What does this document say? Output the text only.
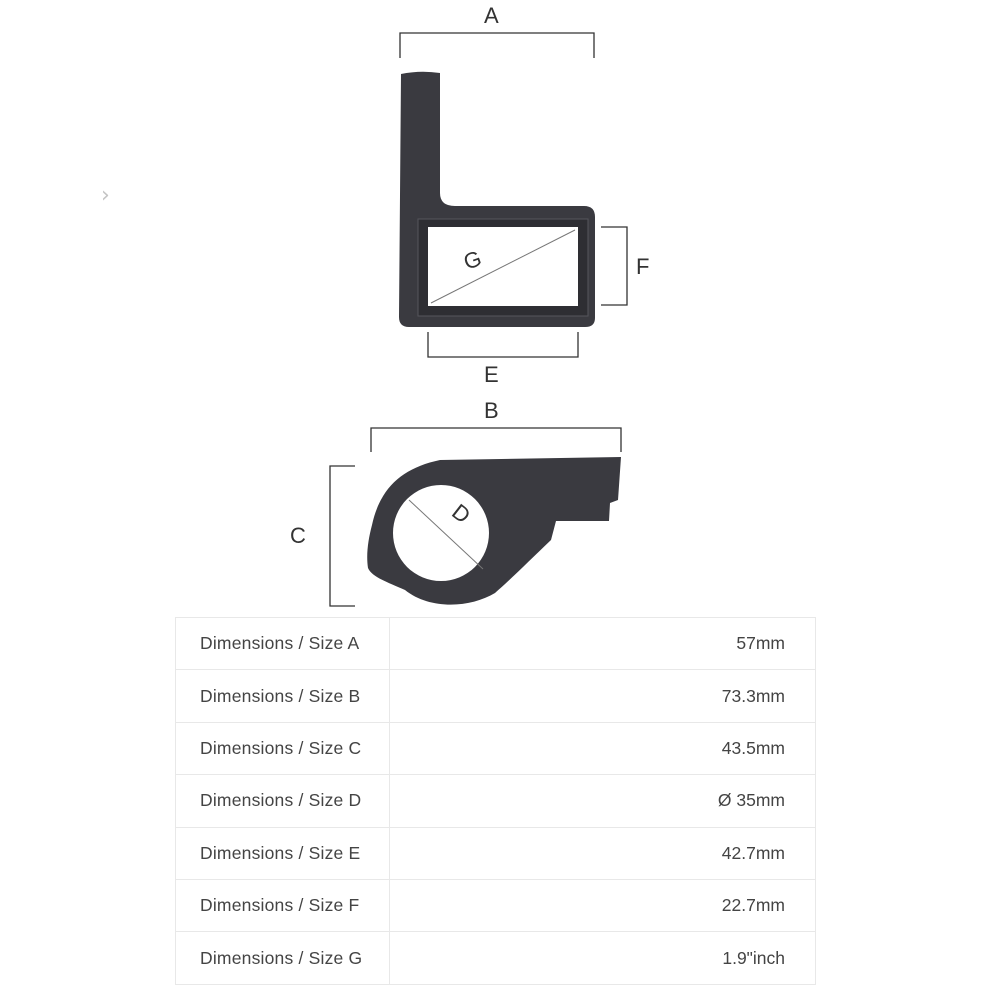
›
A
G	F
E
B
C
D
Dimensions / Size A	57mm
Dimensions / Size B	73.3mm
Dimensions / Size C	43.5mm
Dimensions / Size D	Ø 35mm
Dimensions / Size E	42.7mm
Dimensions / Size F	22.7mm
Dimensions / Size G	1.9"inch
